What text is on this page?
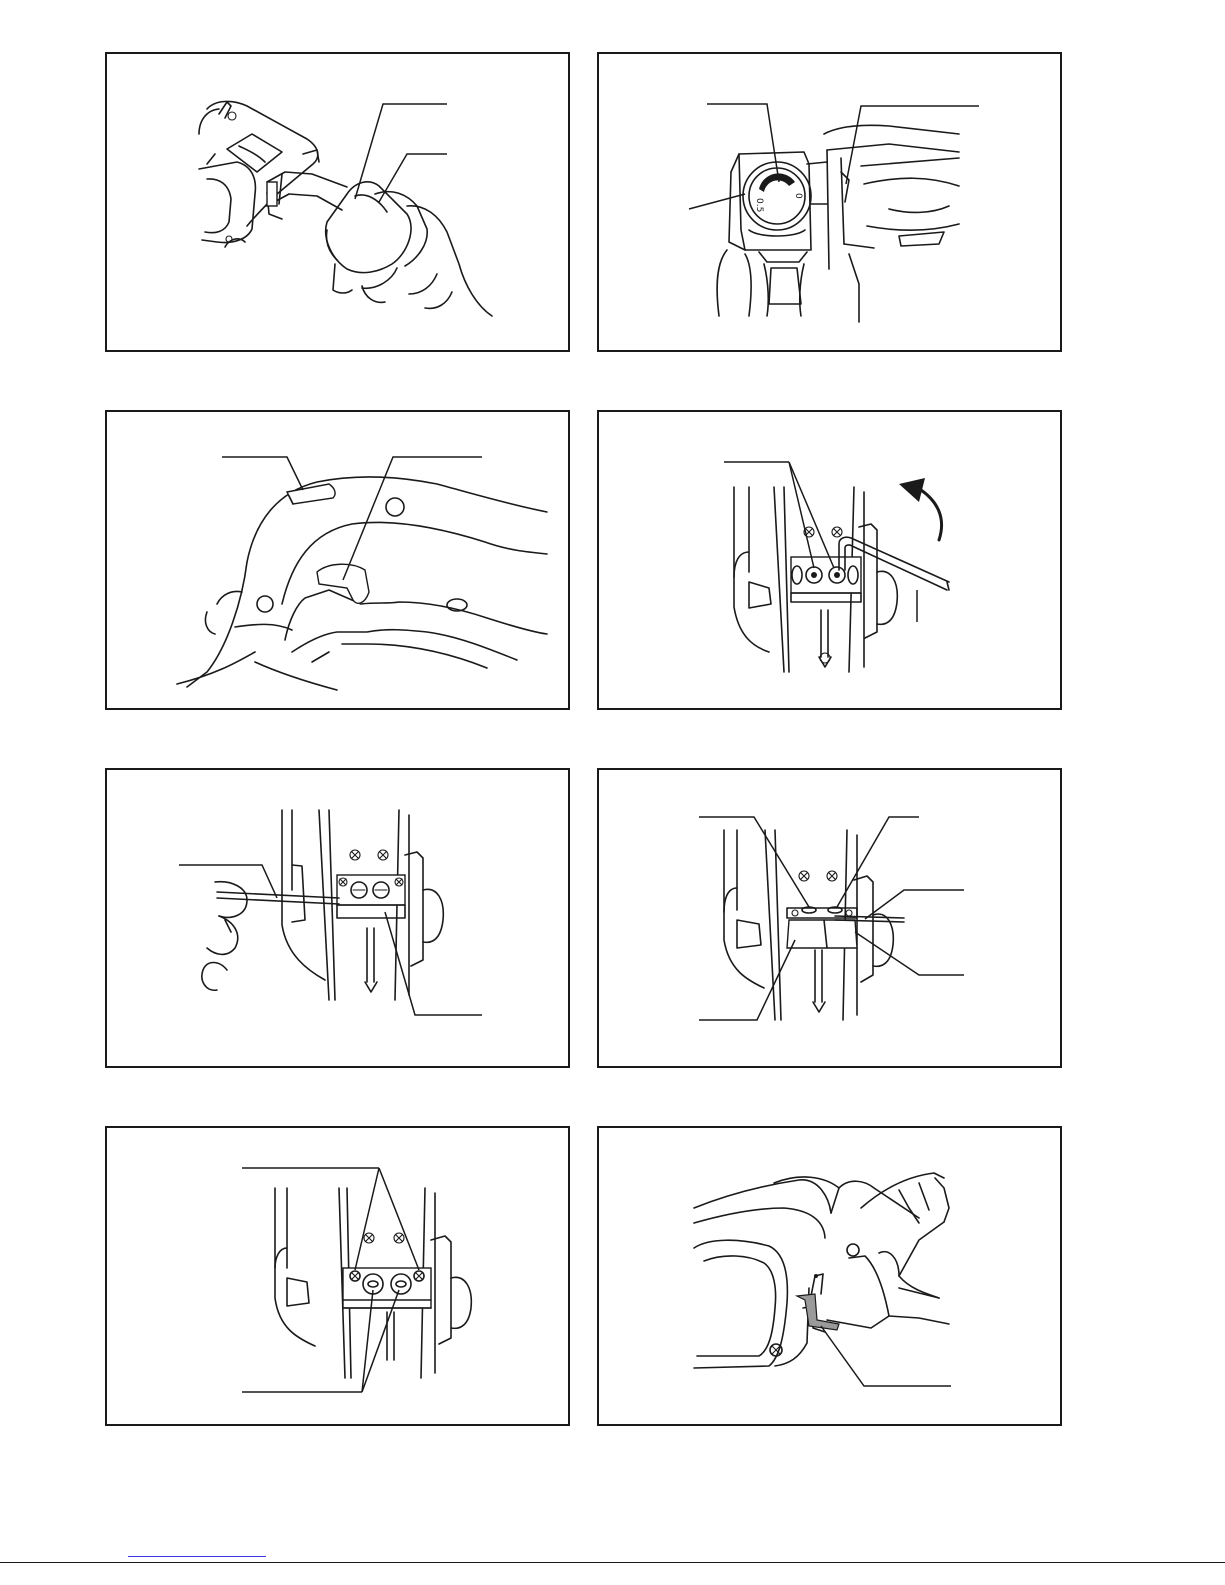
0.5
0
